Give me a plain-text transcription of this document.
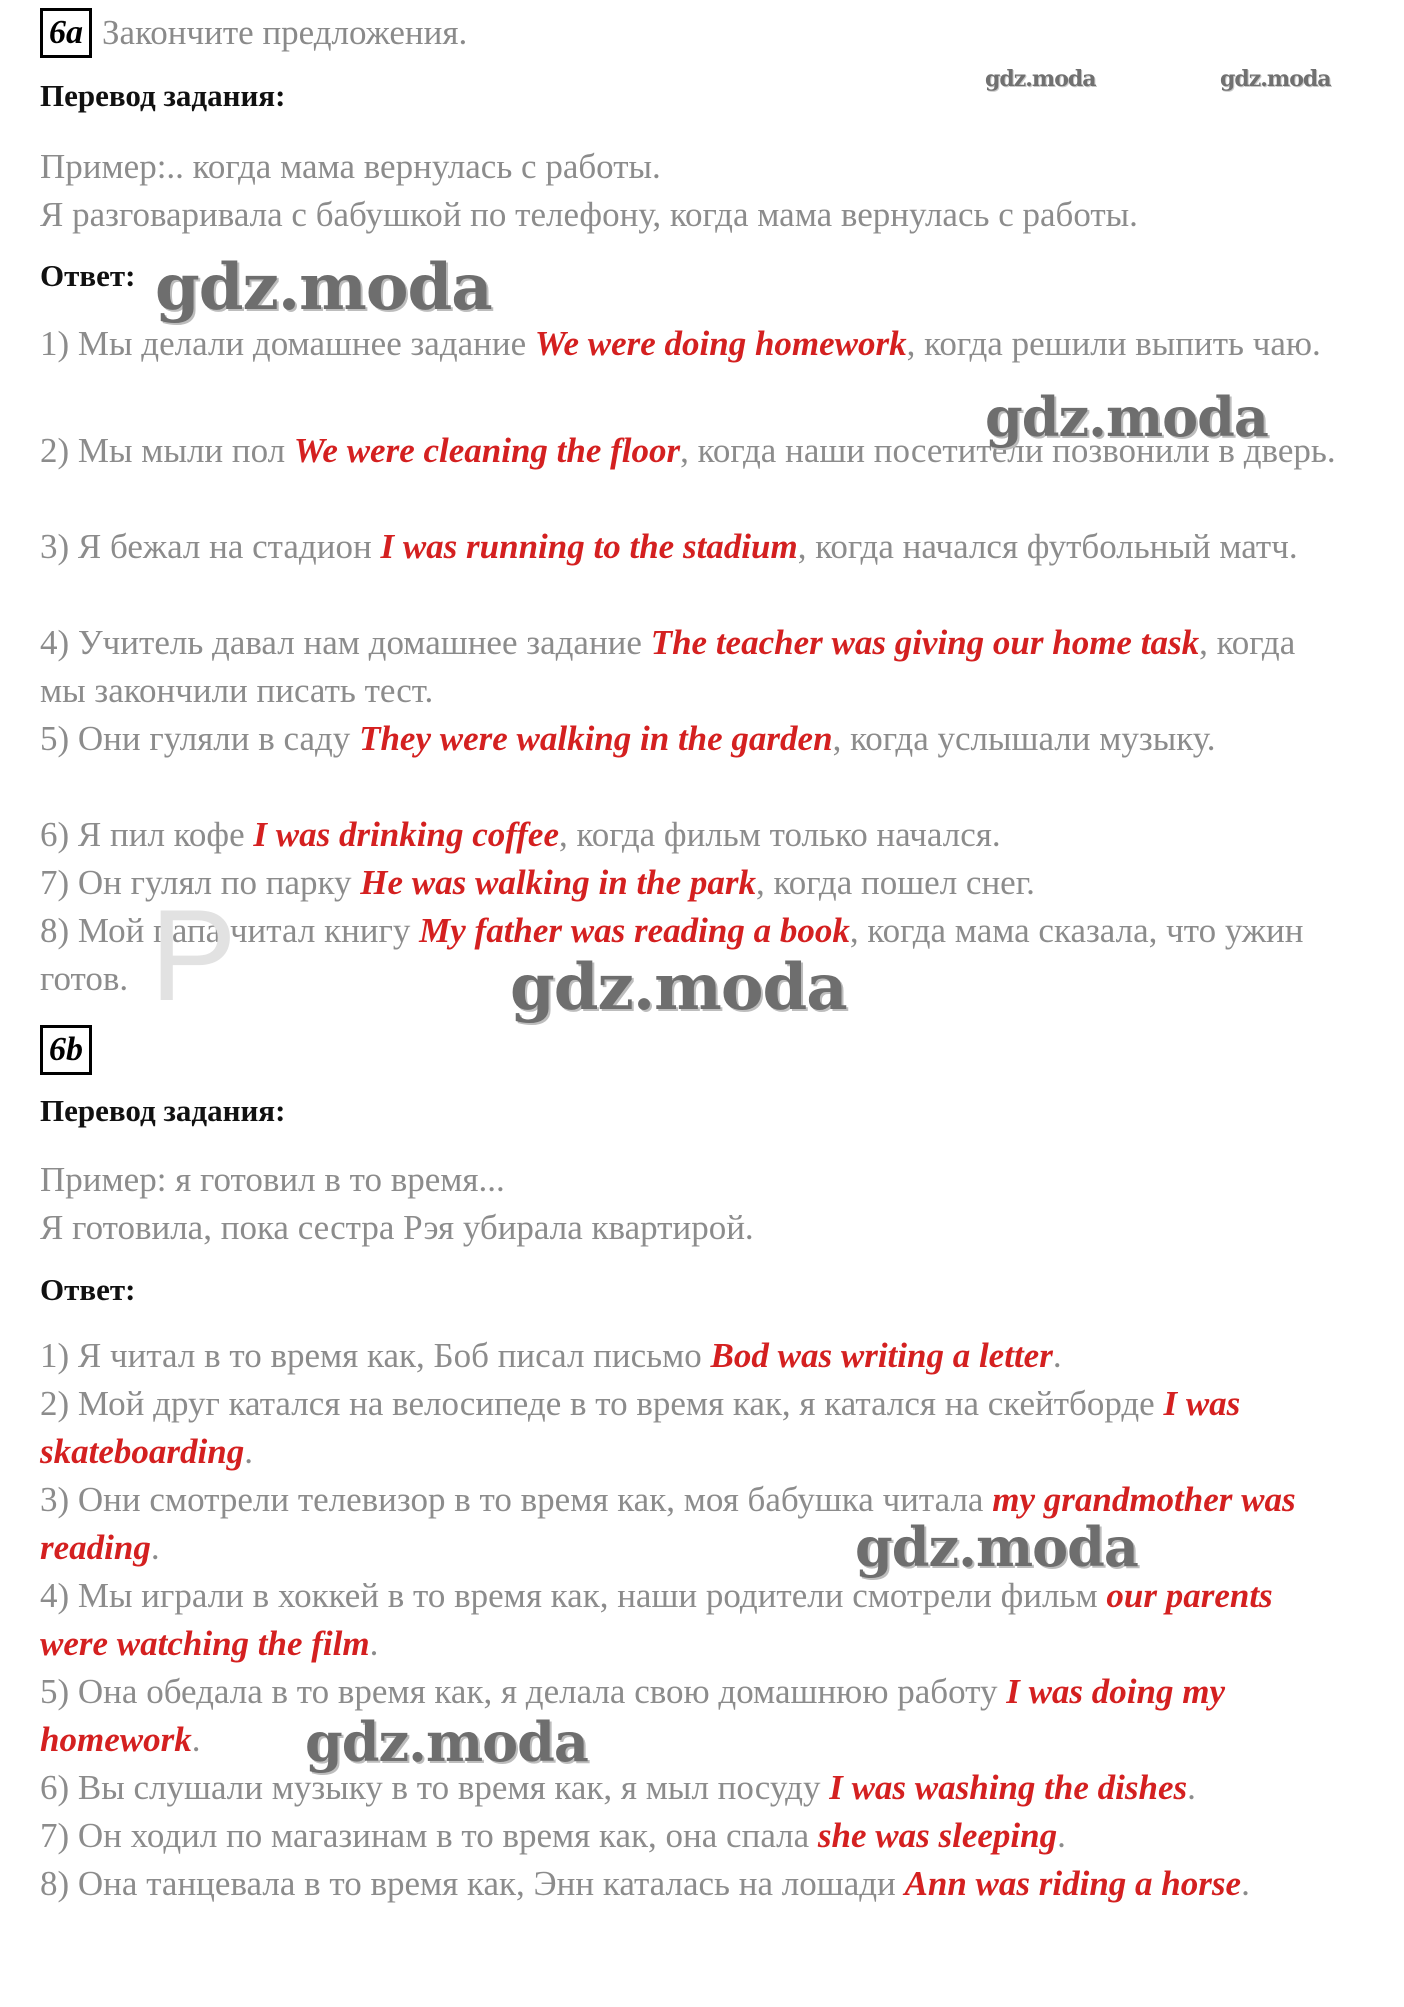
6a Закончите предложения.
Перевод задания:
Пример:.. когда мама вернулась с работы.
Я разговаривала с бабушкой по телефону, когда мама вернулась с работы.
Ответ:
1) Мы делали домашнее задание We were doing homework, когда решили выпить чаю.
2) Мы мыли пол We were cleaning the floor, когда наши посетители позвонили в дверь.
3) Я бежал на стадион I was running to the stadium, когда начался футбольный матч.
4) Учитель давал нам домашнее задание The teacher was giving our home task, когда мы закончили писать тест.
5) Они гуляли в саду They were walking in the garden, когда услышали музыку.
6) Я пил кофе I was drinking coffee, когда фильм только начался.
7) Он гулял по парку He was walking in the park, когда пошел снег.
8) Мой папа читал книгу My father was reading a book, когда мама сказала, что ужин готов.
6b
Перевод задания:
Пример: я готовил в то время...
Я готовила, пока сестра Рэя убирала квартирой.
Ответ:
1) Я читал в то время как, Боб писал письмо Bod was writing a letter.
2) Мой друг катался на велосипеде в то время как, я катался на скейтборде I was skateboarding.
3) Они смотрели телевизор в то время как, моя бабушка читала my grandmother was reading.
4) Мы играли в хоккей в то время как, наши родители смотрели фильм our parents were watching the film.
5) Она обедала в то время как, я делала свою домашнюю работу I was doing my homework.
6) Вы слушали музыку в то время как, я мыл посуду I was washing the dishes.
7) Он ходил по магазинам в то время как, она спала she was sleeping.
8) Она танцевала в то время как, Энн каталась на лошади Ann was riding a horse.
P
gdz.moda	gdz.moda
gdz.moda
gdz.moda
gdz.moda
gdz.moda
gdz.moda
